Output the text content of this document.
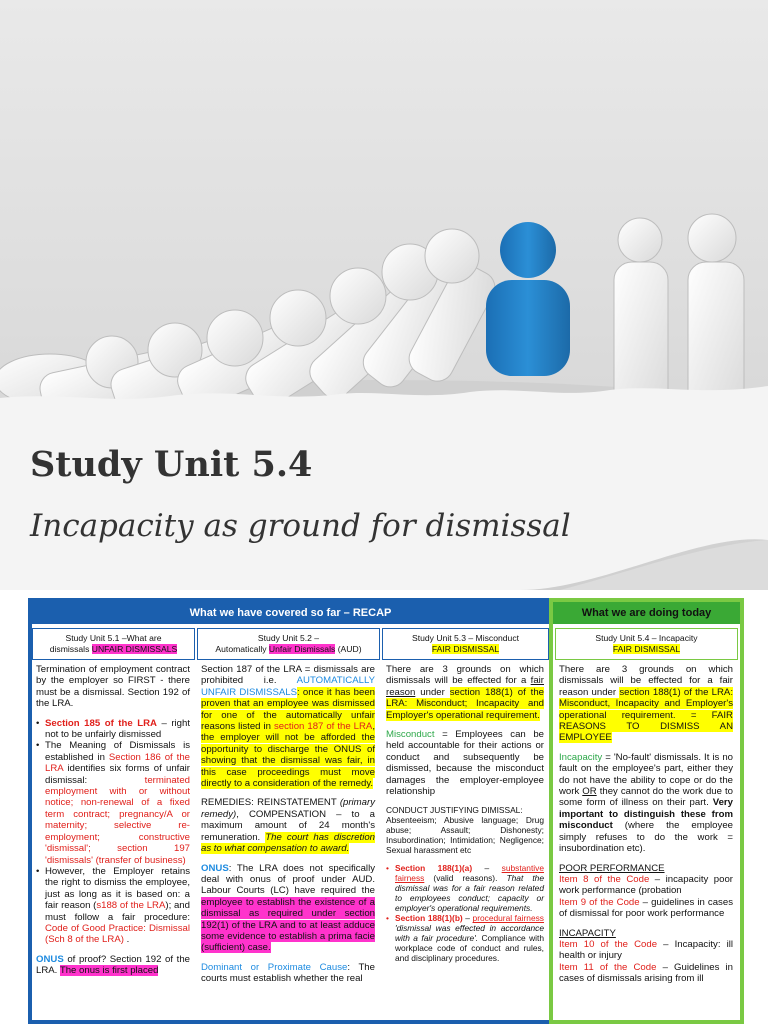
Study Unit 5.4
Incapacity as ground for dismissal
What we have covered so far – RECAP
Study Unit 5.1 –What are
dismissals UNFAIR DISMISSALS

Termination of employment contract by the employer so FIRST - there must be a dismissal. Section 192 of the LRA.

• Section 185 of the LRA – right not to be unfairly dismissed
• The Meaning of Dismissals is established in Section 186 of the LRA identifies six forms of unfair dismissal: terminated employment with or without notice; non-renewal of a fixed term contract; pregnancy/A or maternity; selective re-employment; constructive 'dismissal'; section 197 'dismissals' (transfer of business)
• However, the Employer retains the right to dismiss the employee, just as long as it is based on: a fair reason (s188 of the LRA); and must follow a fair procedure: Code of Good Practice: Dismissal (Sch 8 of the LRA) .

ONUS of proof? Section 192 of the LRA. The onus is first placed

Study Unit 5.2 –
Automatically Unfair Dismissals (AUD)

Section 187 of the LRA = dismissals are prohibited i.e. AUTOMATICALLY UNFAIR DISMISSALS: once it has been proven that an employee was dismissed for one of the automatically unfair reasons listed in section 187 of the LRA, the employer will not be afforded the opportunity to discharge the ONUS of showing that the dismissal was fair, in this case proceedings must move directly to a consideration of the remedy.

REMEDIES: REINSTATEMENT (primary remedy), COMPENSATION – to a maximum amount of 24 month's remuneration. The court has discretion as to what compensation to award.

ONUS: The LRA does not specifically deal with onus of proof under AUD. Labour Courts (LC) have required the employee to establish the existence of a dismissal as required under section 192(1) of the LRA and to at least adduce some evidence to establish a prima facie (sufficient) case.

Dominant or Proximate Cause: The courts must establish whether the real

Study Unit 5.3 – Misconduct
FAIR DISMISSAL

There are 3 grounds on which dismissals will be effected for a fair reason under section 188(1) of the LRA: Misconduct; Incapacity and Employer's operational requirement.

Misconduct = Employees can be held accountable for their actions or conduct and subsequently be dismissed, because the misconduct damages the employer-employee relationship

CONDUCT JUSTIFYING DIMISSAL:
Absenteeism; Abusive language; Drug abuse; Assault; Dishonesty; Insubordination; Intimidation; Negligence; Sexual harassment etc

• Section 188(1)(a) – substantive fairness (valid reasons). That the dismissal was for a fair reason related to employees conduct; capacity or employer's operational requirements.
• Section 188(1)(b) – procedural fairness 'dismissal was effected in accordance with a fair procedure'. Compliance with workplace code of conduct and rules, and disciplinary procedures.
What we are doing today
Study Unit 5.4 – Incapacity
FAIR DISMISSAL

There are 3 grounds on which dismissals will be effected for a fair reason under section 188(1) of the LRA: Misconduct, Incapacity and Employer's operational requirement. = FAIR REASONS TO DISMISS AN EMPLOYEE

Incapacity = 'No-fault' dismissals. It is no fault on the employee's part, either they do not have the ability to cope or do the work OR they cannot do the work due to some form of illness on their part. Very important to distinguish these from misconduct (where the employee simply refuses to do the work = insubordination etc).

POOR PERFORMANCE
Item 8 of the Code – incapacity poor work performance (probation
Item 9 of the Code – guidelines in cases of dismissal for poor work performance

INCAPACITY
Item 10 of the Code – Incapacity: ill health or injury
Item 11 of the Code – Guidelines in cases of dismissals arising from ill
